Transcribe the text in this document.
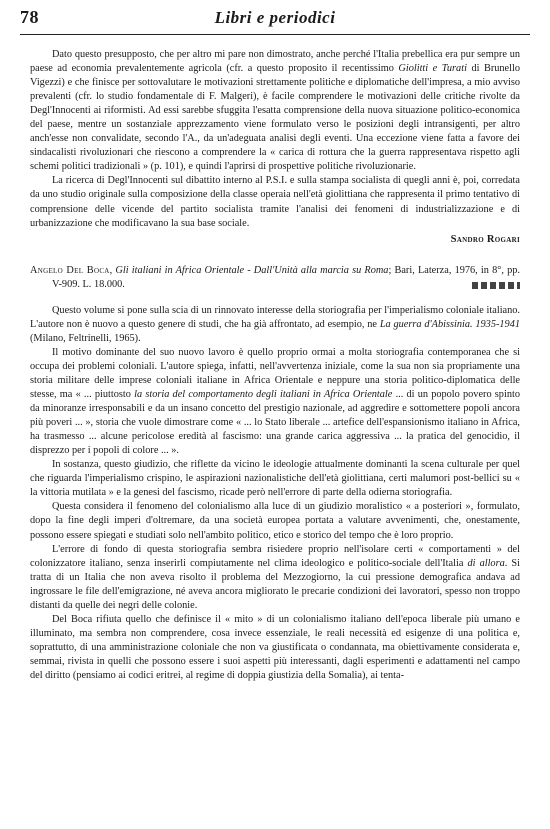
78	Libri e periodici

Dato questo presupposto, che per altro mi pare non dimostrato, anche perché l'Italia prebellica era pur sempre un paese ad economia prevalentemente agricola (cfr. a questo proposito il recentissimo Giolitti e Turati di Brunello Vigezzi) e che finisce per sottovalutare le motivazioni strettamente politiche e diplomatiche dell'impresa, a mio avviso prevalenti (cfr. lo studio fondamentale di F. Malgeri), è facile comprendere le motivazioni delle critiche rivolte da Degl'Innocenti ai riformisti. Ad essi sarebbe sfuggita l'esatta comprensione della nuova situazione politico-economica del paese, mentre un sostanziale apprezzamento viene formulato verso le posizioni degli intransigenti, per altro anch'esse non convalidate, secondo l'A., da un'adeguata analisi degli eventi. Una eccezione viene fatta a favore dei sindacalisti rivoluzionari che riescono a comprendere la « carica di rottura che la guerra rappresentava rispetto agli schemi politici tradizionali » (p. 101), e quindi l'aprirsi di prospettive politiche rivoluzionarie.

La ricerca di Degl'Innocenti sul dibattito interno al P.S.I. e sulla stampa socialista di quegli anni è, poi, corredata da uno studio originale sulla composizione della classe operaia nell'età giolittiana che rappresenta il primo tentativo di comprensione delle vicende del partito socialista tramite l'analisi dei fenomeni di industrializzazione e di urbanizzazione che modificavano la sua base sociale.

Sandro Rogari

Angelo Del Boca, Gli italiani in Africa Orientale - Dall'Unità alla marcia su Roma; Bari, Laterza, 1976, in 8°, pp. V-909. L. 18.000.

Questo volume si pone sulla scia di un rinnovato interesse della storiografia per l'imperialismo coloniale italiano. L'autore non è nuovo a questo genere di studi, che ha già affrontato, ad esempio, ne La guerra d'Abissinia. 1935-1941 (Milano, Feltrinelli, 1965).

Il motivo dominante del suo nuovo lavoro è quello proprio ormai a molta storiografia contemporanea che si occupa dei problemi coloniali. L'autore spiega, infatti, nell'avvertenza iniziale, come la sua non sia propriamente una storia militare delle imprese coloniali italiane in Africa Orientale e neppure una storia politico-diplomatica delle stesse, ma « ... piuttosto la storia del comportamento degli italiani in Africa Orientale ... di un popolo povero spinto da minoranze irresponsabili e da un insano concetto del prestigio nazionale, ad aggredire e sottomettere popoli ancora più poveri ... », storia che vuole dimostrare come « ... lo Stato liberale ... artefice dell'espansionismo italiano in Africa, ha trasmesso ... alcune pericolose eredità al fascismo: una grande carica aggressiva ... la pratica del genocidio, il disprezzo per i popoli di colore ... ».

In sostanza, questo giudizio, che riflette da vicino le ideologie attualmente dominanti la scena culturale per quel che riguarda l'imperialismo crispino, le aspirazioni nazionalistiche dell'età giolittiana, certi malumori post-bellici su « la vittoria mutilata » e la genesi del fascismo, ricade però nell'errore di parte della odierna storiografia.

Questa considera il fenomeno del colonialismo alla luce di un giudizio moralistico « a posteriori », formulato, dopo la fine degli imperi d'oltremare, da una società europea portata a valutare avvenimenti, che, onestamente, possono essere spiegati e studiati solo nell'ambito politico, etico e storico del tempo che è loro proprio.

L'errore di fondo di questa storiografia sembra risiedere proprio nell'isolare certi « comportamenti » del colonizzatore italiano, senza inserirli compiutamente nel clima ideologico e politico-sociale dell'Italia di allora. Si tratta di un Italia che non aveva risolto il problema del Mezzogiorno, la cui pressione demografica andava ad ingrossare le file dell'emigrazione, né aveva ancora migliorato le precarie condizioni dei lavoratori, spesso non troppo distanti da quelle dei negri delle colonie.

Del Boca rifiuta quello che definisce il « mito » di un colonialismo italiano dell'epoca liberale più umano e illuminato, ma sembra non comprendere, cosa invece essenziale, le reali necessità ed esigenze di una politica e, soprattutto, di una amministrazione coloniale che non va giustificata o condannata, ma obiettivamente considerata e, semmai, rivista in quelli che possono essere i suoi aspetti più interessanti, dagli esperimenti e adattamenti nel campo del diritto (pensiamo ai codici eritrei, al regime di doppia giustizia della Somalia), ai tenta-
